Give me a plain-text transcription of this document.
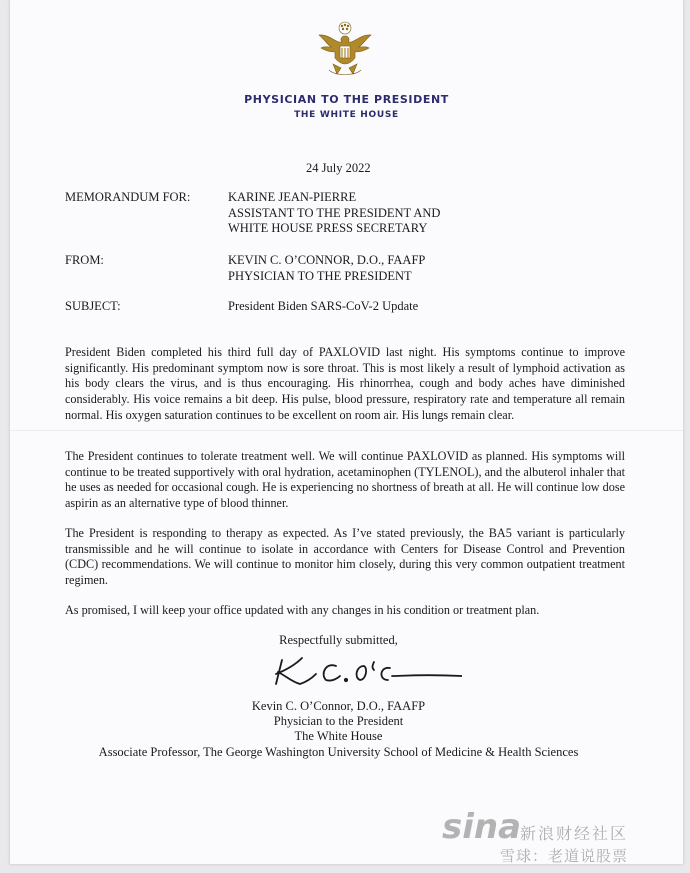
PHYSICIAN TO THE PRESIDENT
THE WHITE HOUSE
24 July 2022
MEMORANDUM FOR:	KARINE JEAN-PIERRE
ASSISTANT TO THE PRESIDENT AND
WHITE HOUSE PRESS SECRETARY
FROM:	KEVIN C. O’CONNOR, D.O., FAAFP
PHYSICIAN TO THE PRESIDENT
SUBJECT:	President Biden SARS-CoV-2 Update
President Biden completed his third full day of PAXLOVID last night. His symptoms continue to improve significantly. His predominant symptom now is sore throat. This is most likely a result of lymphoid activation as his body clears the virus, and is thus encouraging. His rhinorrhea, cough and body aches have diminished considerably. His voice remains a bit deep. His pulse, blood pressure, respiratory rate and temperature all remain normal. His oxygen saturation continues to be excellent on room air. His lungs remain clear.
The President continues to tolerate treatment well. We will continue PAXLOVID as planned. His symptoms will continue to be treated supportively with oral hydration, acetaminophen (TYLENOL), and the albuterol inhaler that he uses as needed for occasional cough. He is experiencing no shortness of breath at all. He will continue low dose aspirin as an alternative type of blood thinner.
The President is responding to therapy as expected. As I’ve stated previously, the BA5 variant is particularly transmissible and he will continue to isolate in accordance with Centers for Disease Control and Prevention (CDC) recommendations. We will continue to monitor him closely, during this very common outpatient treatment regimen.
As promised, I will keep your office updated with any changes in his condition or treatment plan.
Respectfully submitted,
Kevin C. O’Connor, D.O., FAAFP
Physician to the President
The White House
Associate Professor, The George Washington University School of Medicine & Health Sciences
sina
新浪财经社区
雪球：老道说股票
